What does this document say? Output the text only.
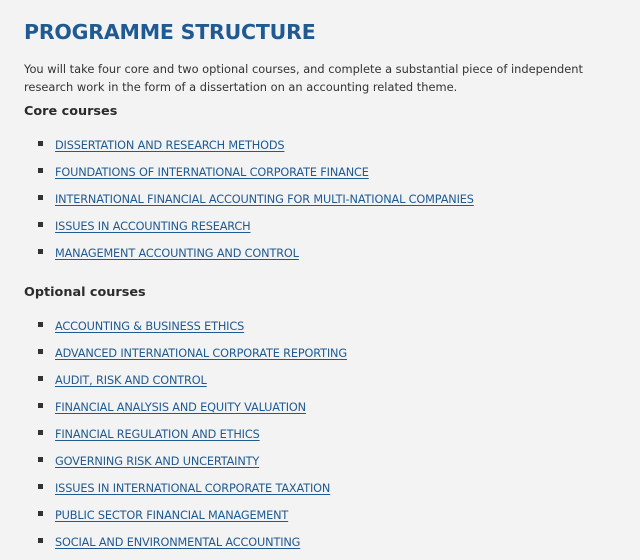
PROGRAMME STRUCTURE

You will take four core and two optional courses, and complete a substantial piece of independent research work in the form of a dissertation on an accounting related theme.

Core courses
DISSERTATION AND RESEARCH METHODS
FOUNDATIONS OF INTERNATIONAL CORPORATE FINANCE
INTERNATIONAL FINANCIAL ACCOUNTING FOR MULTI-NATIONAL COMPANIES
ISSUES IN ACCOUNTING RESEARCH
MANAGEMENT ACCOUNTING AND CONTROL
Optional courses
ACCOUNTING & BUSINESS ETHICS
ADVANCED INTERNATIONAL CORPORATE REPORTING
AUDIT, RISK AND CONTROL
FINANCIAL ANALYSIS AND EQUITY VALUATION
FINANCIAL REGULATION AND ETHICS
GOVERNING RISK AND UNCERTAINTY
ISSUES IN INTERNATIONAL CORPORATE TAXATION
PUBLIC SECTOR FINANCIAL MANAGEMENT
SOCIAL AND ENVIRONMENTAL ACCOUNTING
